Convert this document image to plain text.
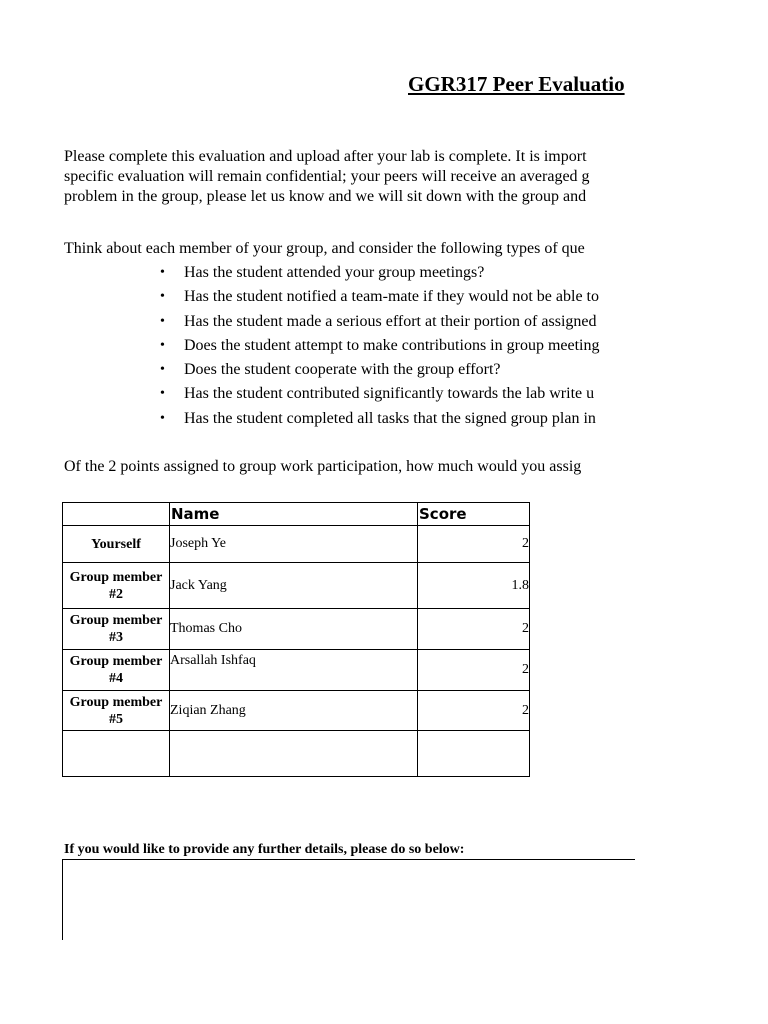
GGR317 Peer Evaluatio
Please complete this evaluation and upload after your lab is complete. It is import
specific evaluation will remain confidential; your peers will receive an averaged g
problem in the group, please let us know and we will sit down with the group and
Think about each member of your group, and consider the following types of que
• Has the student attended your group meetings?
• Has the student notified a team-mate if they would not be able to
• Has the student made a serious effort at their portion of assigned
• Does the student attempt to make contributions in group meeting
• Does the student cooperate with the group effort?
• Has the student contributed significantly towards the lab write u
• Has the student completed all tasks that the signed group plan in
Of the 2 points assigned to group work participation, how much would you assig
	Name	Score
Yourself	Joseph Ye	2
Group member #2	Jack Yang	1.8
Group member #3	Thomas Cho	2
Group member #4	Arsallah Ishfaq	2
Group member #5	Ziqian Zhang	2

If you would like to provide any further details, please do so below:
